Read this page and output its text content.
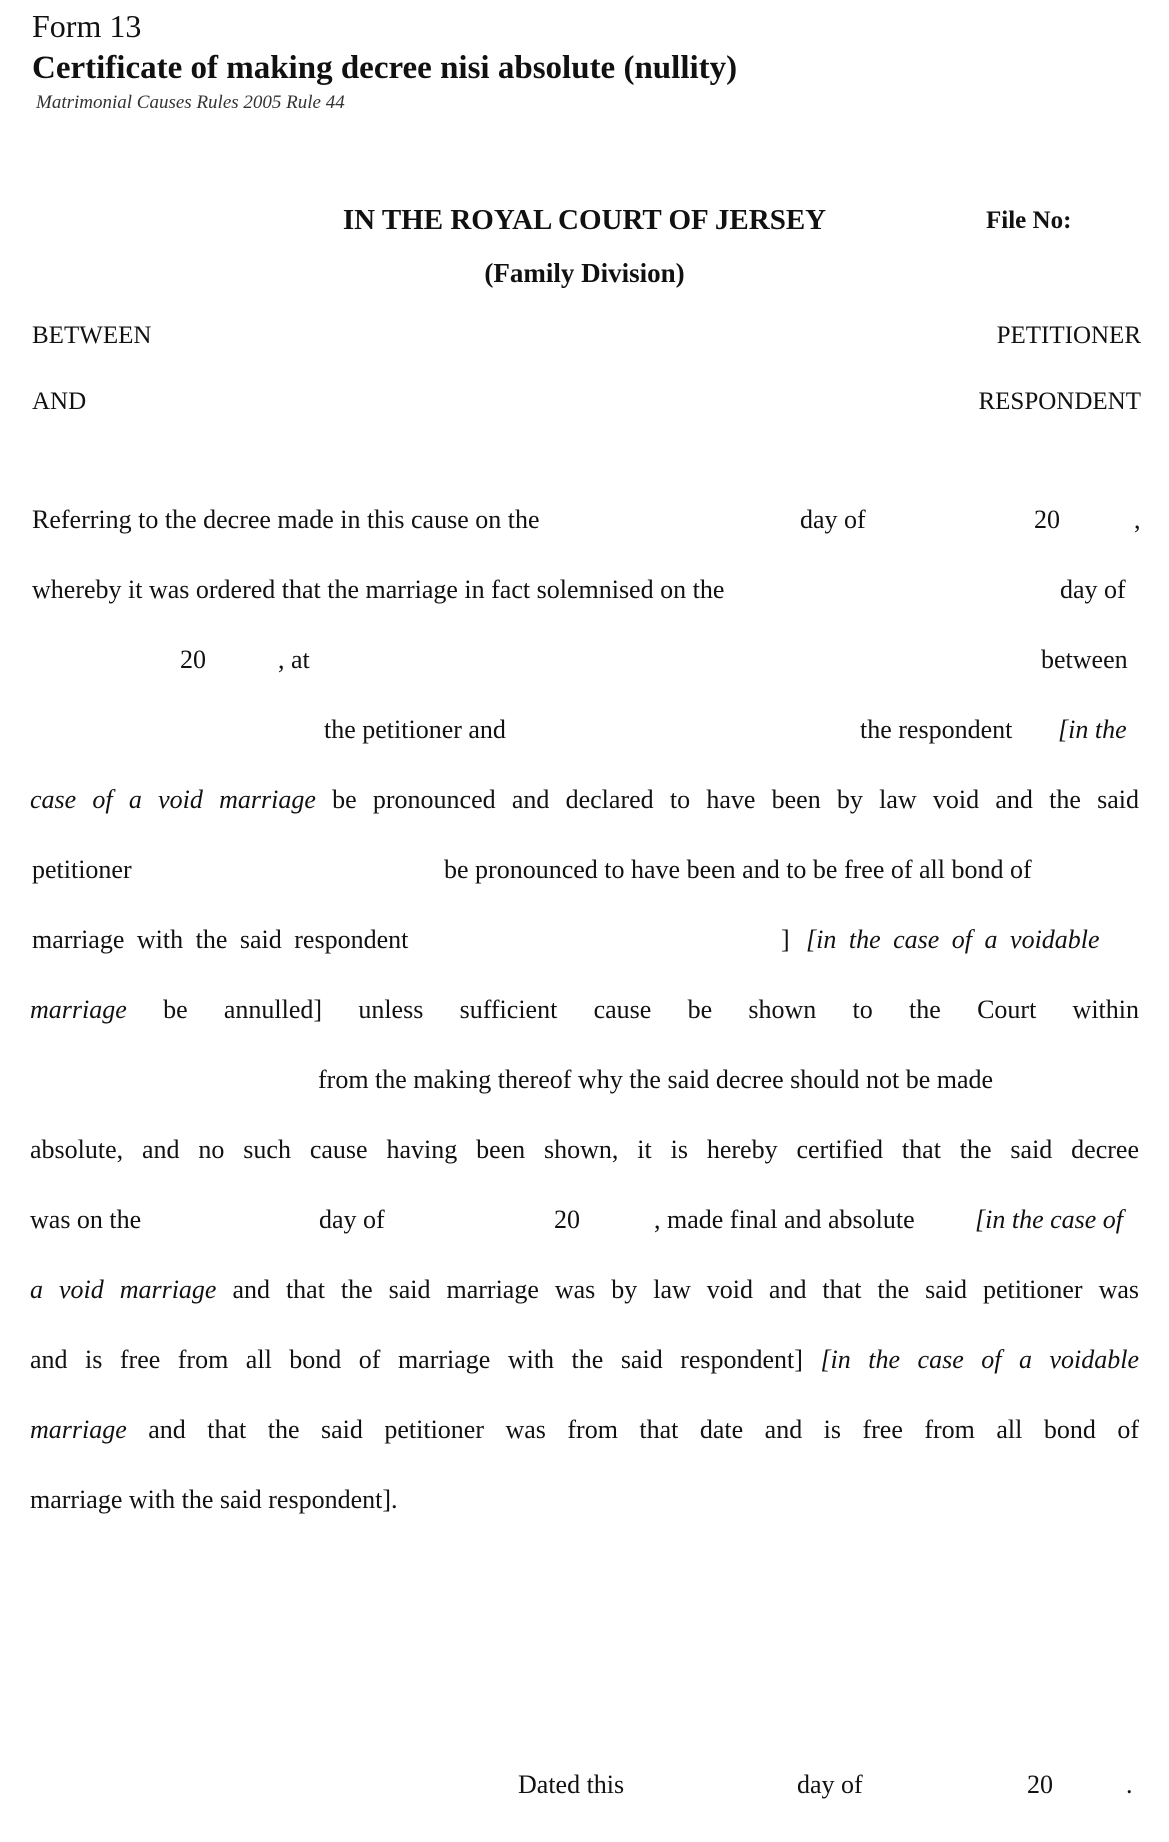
Form 13
Certificate of making decree nisi absolute (nullity)
Matrimonial Causes Rules 2005 Rule 44
IN THE ROYAL COURT OF JERSEY
(Family Division)
File No:
BETWEEN	PETITIONER
AND	RESPONDENT
Referring to the decree made in this cause on the	day of	20	,
whereby it was ordered that the marriage in fact solemnised on the	day of
20	, at	between
the petitioner and	the respondent [in the
case of a void marriage be pronounced and declared to have been by law void and the said
petitioner	be pronounced to have been and to be free of all bond of
marriage with the said respondent	] [in the case of a voidable
marriage be annulled] unless sufficient cause be shown to the Court within
from the making thereof why the said decree should not be made
absolute, and no such cause having been shown, it is hereby certified that the said decree
was on the	day of	20	, made final and absolute [in the case of
a void marriage and that the said marriage was by law void and that the said petitioner was
and is free from all bond of marriage with the said respondent] [in the case of a voidable
marriage and that the said petitioner was from that date and is free from all bond of
marriage with the said respondent].
Dated this	day of	20	.
